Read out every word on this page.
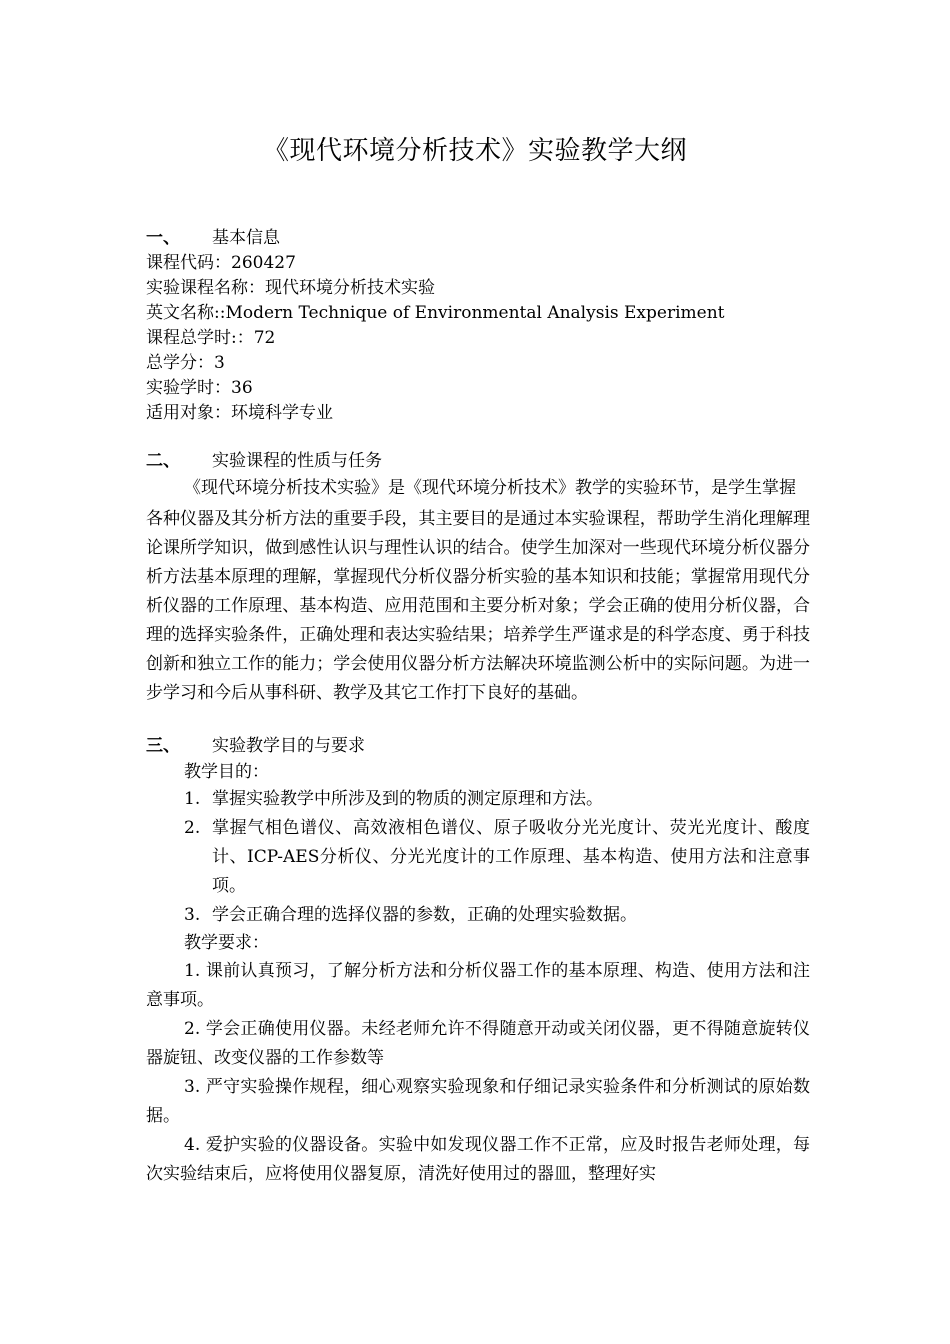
《现代环境分析技术》实验教学大纲
一、	基本信息

课程代码：260427

实验课程名称：现代环境分析技术实验

英文名称::Modern Technique of Environmental Analysis Experiment

课程总学时:：72

总学分：3

实验学时：36

适用对象：环境科学专业

二、	实验课程的性质与任务

《现代环境分析技术实验》是《现代环境分析技术》教学的实验环节，是学生掌握

各种仪器及其分析方法的重要手段，其主要目的是通过本实验课程，帮助学生消化理解理论课所学知识，做到感性认识与理性认识的结合。使学生加深对一些现代环境分析仪器分析方法基本原理的理解，掌握现代分析仪器分析实验的基本知识和技能；掌握常用现代分析仪器的工作原理、基本构造、应用范围和主要分析对象；学会正确的使用分析仪器，合理的选择实验条件，正确处理和表达实验结果；培养学生严谨求是的科学态度、勇于科技创新和独立工作的能力；学会使用仪器分析方法解决环境监测公析中的实际问题。为进一步学习和今后从事科研、教学及其它工作打下良好的基础。

三、	实验教学目的与要求

教学目的：

1. 掌握实验教学中所涉及到的物质的测定原理和方法。
2. 掌握气相色谱仪、高效液相色谱仪、原子吸收分光光度计、荧光光度计、酸度计、ICP-AES分析仪、分光光度计的工作原理、基本构造、使用方法和注意事项。
3. 学会正确合理的选择仪器的参数，正确的处理实验数据。

教学要求：

1. 课前认真预习，了解分析方法和分析仪器工作的基本原理、构造、使用方法和注意事项。

2. 学会正确使用仪器。未经老师允许不得随意开动或关闭仪器，更不得随意旋转仪器旋钮、改变仪器的工作参数等

3. 严守实验操作规程，细心观察实验现象和仔细记录实验条件和分析测试的原始数据。

4. 爱护实验的仪器设备。实验中如发现仪器工作不正常，应及时报告老师处理，每次实验结束后，应将使用仪器复原，清洗好使用过的器皿，整理好实
